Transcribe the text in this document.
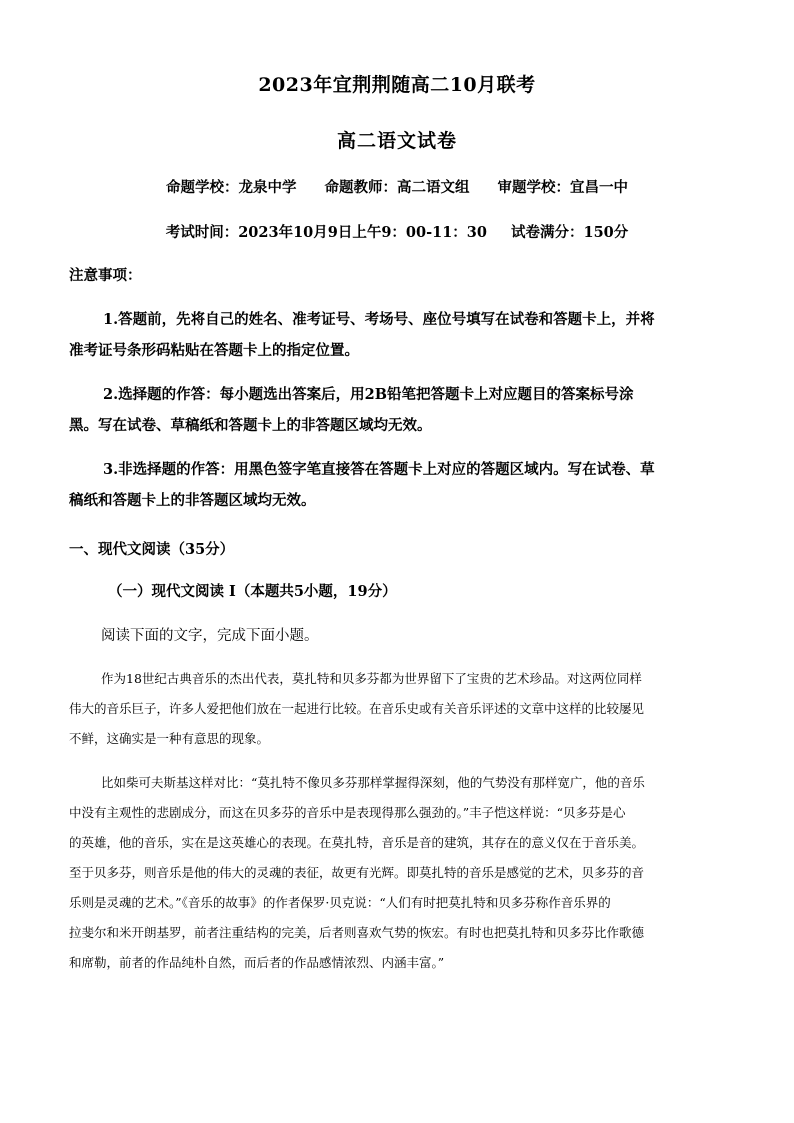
2023年宜荆荆随高二10月联考
高二语文试卷
命题学校：龙泉中学 命题教师：高二语文组 审题学校：宜昌一中
考试时间：2023年10月9日上午9：00-11：30 试卷满分：150分
注意事项：
1.答题前，先将自己的姓名、准考证号、考场号、座位号填写在试卷和答题卡上，并将
准考证号条形码粘贴在答题卡上的指定位置。
2.选择题的作答：每小题选出答案后，用2B铅笔把答题卡上对应题目的答案标号涂
黑。写在试卷、草稿纸和答题卡上的非答题区域均无效。
3.非选择题的作答：用黑色签字笔直接答在答题卡上对应的答题区域内。写在试卷、草
稿纸和答题卡上的非答题区域均无效。
一、现代文阅读（35分）
（一）现代文阅读 I（本题共5小题，19分）
阅读下面的文字，完成下面小题。
作为18世纪古典音乐的杰出代表，莫扎特和贝多芬都为世界留下了宝贵的艺术珍品。对这两位同样
伟大的音乐巨子，许多人爱把他们放在一起进行比较。在音乐史或有关音乐评述的文章中这样的比较屡见
不鲜，这确实是一种有意思的现象。
比如柴可夫斯基这样对比：“莫扎特不像贝多芬那样掌握得深刻，他的气势没有那样宽广，他的音乐
中没有主观性的悲剧成分，而这在贝多芬的音乐中是表现得那么强劲的。”丰子恺这样说：“贝多芬是心
的英雄，他的音乐，实在是这英雄心的表现。在莫扎特，音乐是音的建筑，其存在的意义仅在于音乐美。
至于贝多芬，则音乐是他的伟大的灵魂的表征，故更有光辉。即莫扎特的音乐是感觉的艺术，贝多芬的音
乐则是灵魂的艺术。”《音乐的故事》的作者保罗·贝克说：“人们有时把莫扎特和贝多芬称作音乐界的
拉斐尔和米开朗基罗，前者注重结构的完美，后者则喜欢气势的恢宏。有时也把莫扎特和贝多芬比作歌德
和席勒，前者的作品纯朴自然，而后者的作品感情浓烈、内涵丰富。”
